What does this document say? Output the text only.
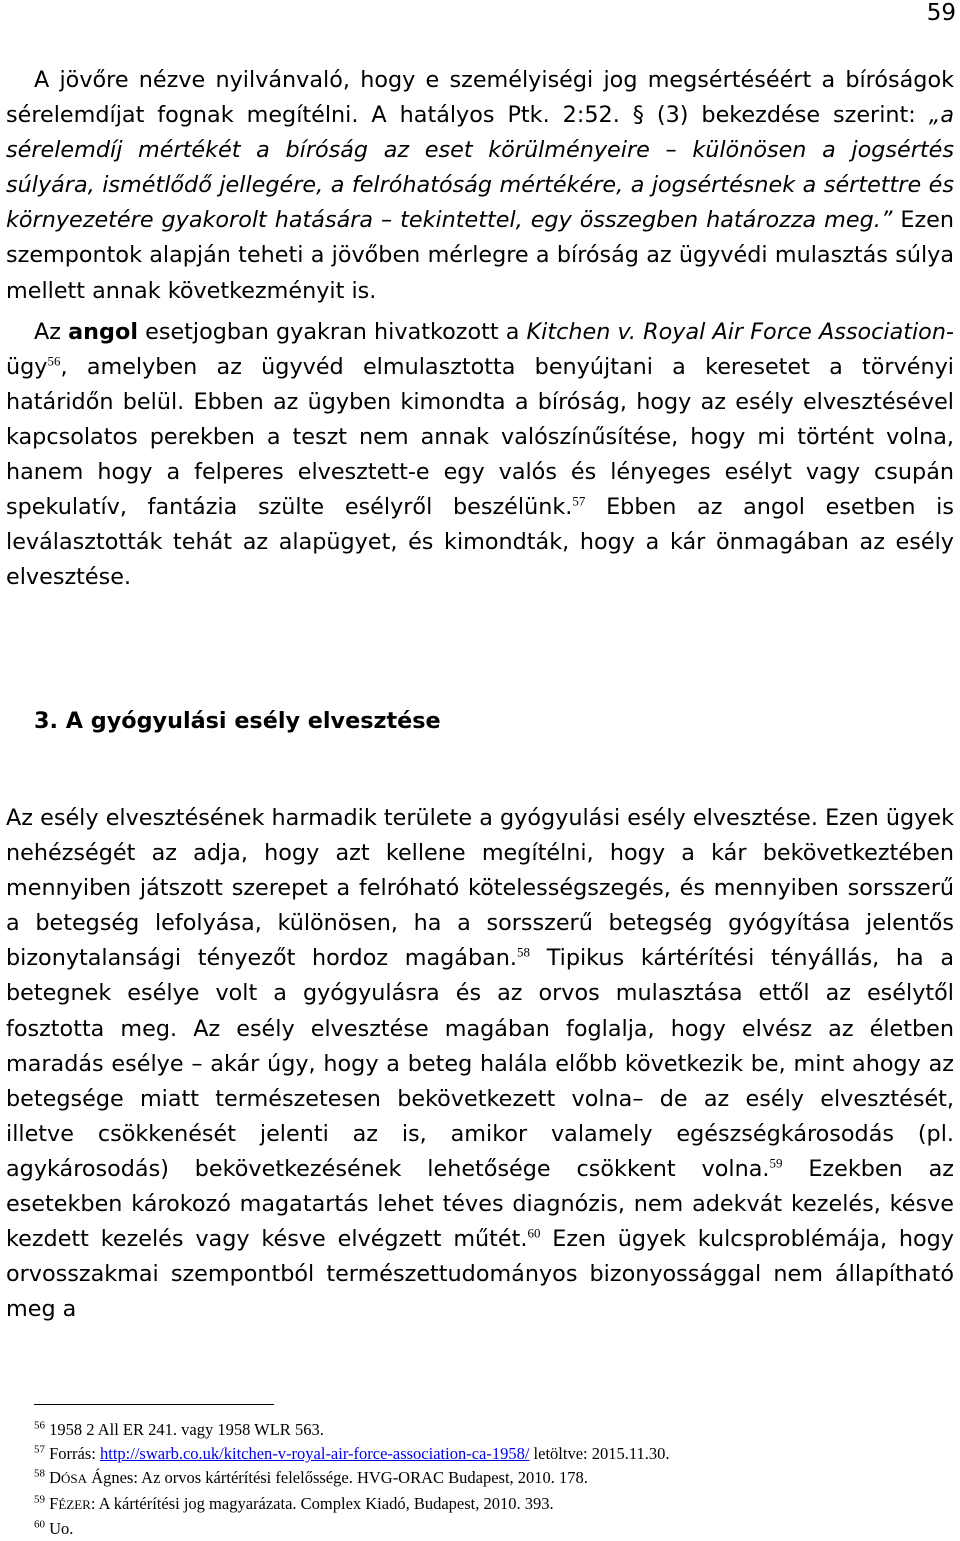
59

A jövőre nézve nyilvánvaló, hogy e személyiségi jog megsértéséért a bíróságok sérelemdíjat fognak megítélni. A hatályos Ptk. 2:52. § (3) bekezdése szerint: „a sérelemdíj mértékét a bíróság az eset körülményeire – különösen a jogsértés súlyára, ismétlődő jellegére, a felróhatóság mértékére, a jogsértésnek a sértettre és környezetére gyakorolt hatására – tekintettel, egy összegben határozza meg.” Ezen szempontok alapján teheti a jövőben mérlegre a bíróság az ügyvédi mulasztás súlya mellett annak következményit is.

Az angol esetjogban gyakran hivatkozott a Kitchen v. Royal Air Force Association-ügy$^{56}$, amelyben az ügyvéd elmulasztotta benyújtani a keresetet a törvényi határidőn belül. Ebben az ügyben kimondta a bíróság, hogy az esély elvesztésével kapcsolatos perekben a teszt nem annak valószínűsítése, hogy mi történt volna, hanem hogy a felperes elvesztett-e egy valós és lényeges esélyt vagy csupán spekulatív, fantázia szülte esélyről beszélünk.$^{57}$ Ebben az angol esetben is leválasztották tehát az alapügyet, és kimondták, hogy a kár önmagában az esély elvesztése.

3. A gyógyulási esély elvesztése

Az esély elvesztésének harmadik területe a gyógyulási esély elvesztése. Ezen ügyek nehézségét az adja, hogy azt kellene megítélni, hogy a kár bekövetkeztében mennyiben játszott szerepet a felróható kötelességszegés, és mennyiben sorsszerű a betegség lefolyása, különösen, ha a sorsszerű betegség gyógyítása jelentős bizonytalansági tényezőt hordoz magában.$^{58}$ Tipikus kártérítési tényállás, ha a betegnek esélye volt a gyógyulásra és az orvos mulasztása ettől az esélytől fosztotta meg. Az esély elvesztése magában foglalja, hogy elvész az életben maradás esélye – akár úgy, hogy a beteg halála előbb következik be, mint ahogy az betegsége miatt természetesen bekövetkezett volna– de az esély elvesztését, illetve csökkenését jelenti az is, amikor valamely egészségkárosodás (pl. agykárosodás) bekövetkezésének lehetősége csökkent volna.$^{59}$ Ezekben az esetekben károkozó magatartás lehet téves diagnózis, nem adekvát kezelés, késve kezdett kezelés vagy késve elvégzett műtét.$^{60}$ Ezen ügyek kulcsproblémája, hogy orvosszakmai szempontból természettudományos bizonyossággal nem állapítható meg a

$^{56}$ 1958 2 All ER 241. vagy 1958 WLR 563.
$^{57}$ Forrás: http://swarb.co.uk/kitchen-v-royal-air-force-association-ca-1958/ letöltve: 2015.11.30.
$^{58}$ DÓSA Ágnes: Az orvos kártérítési felelőssége. HVG-ORAC Budapest, 2010. 178.
$^{59}$ FÉZER: A kártérítési jog magyarázata. Complex Kiadó, Budapest, 2010. 393.
$^{60}$ Uo.
